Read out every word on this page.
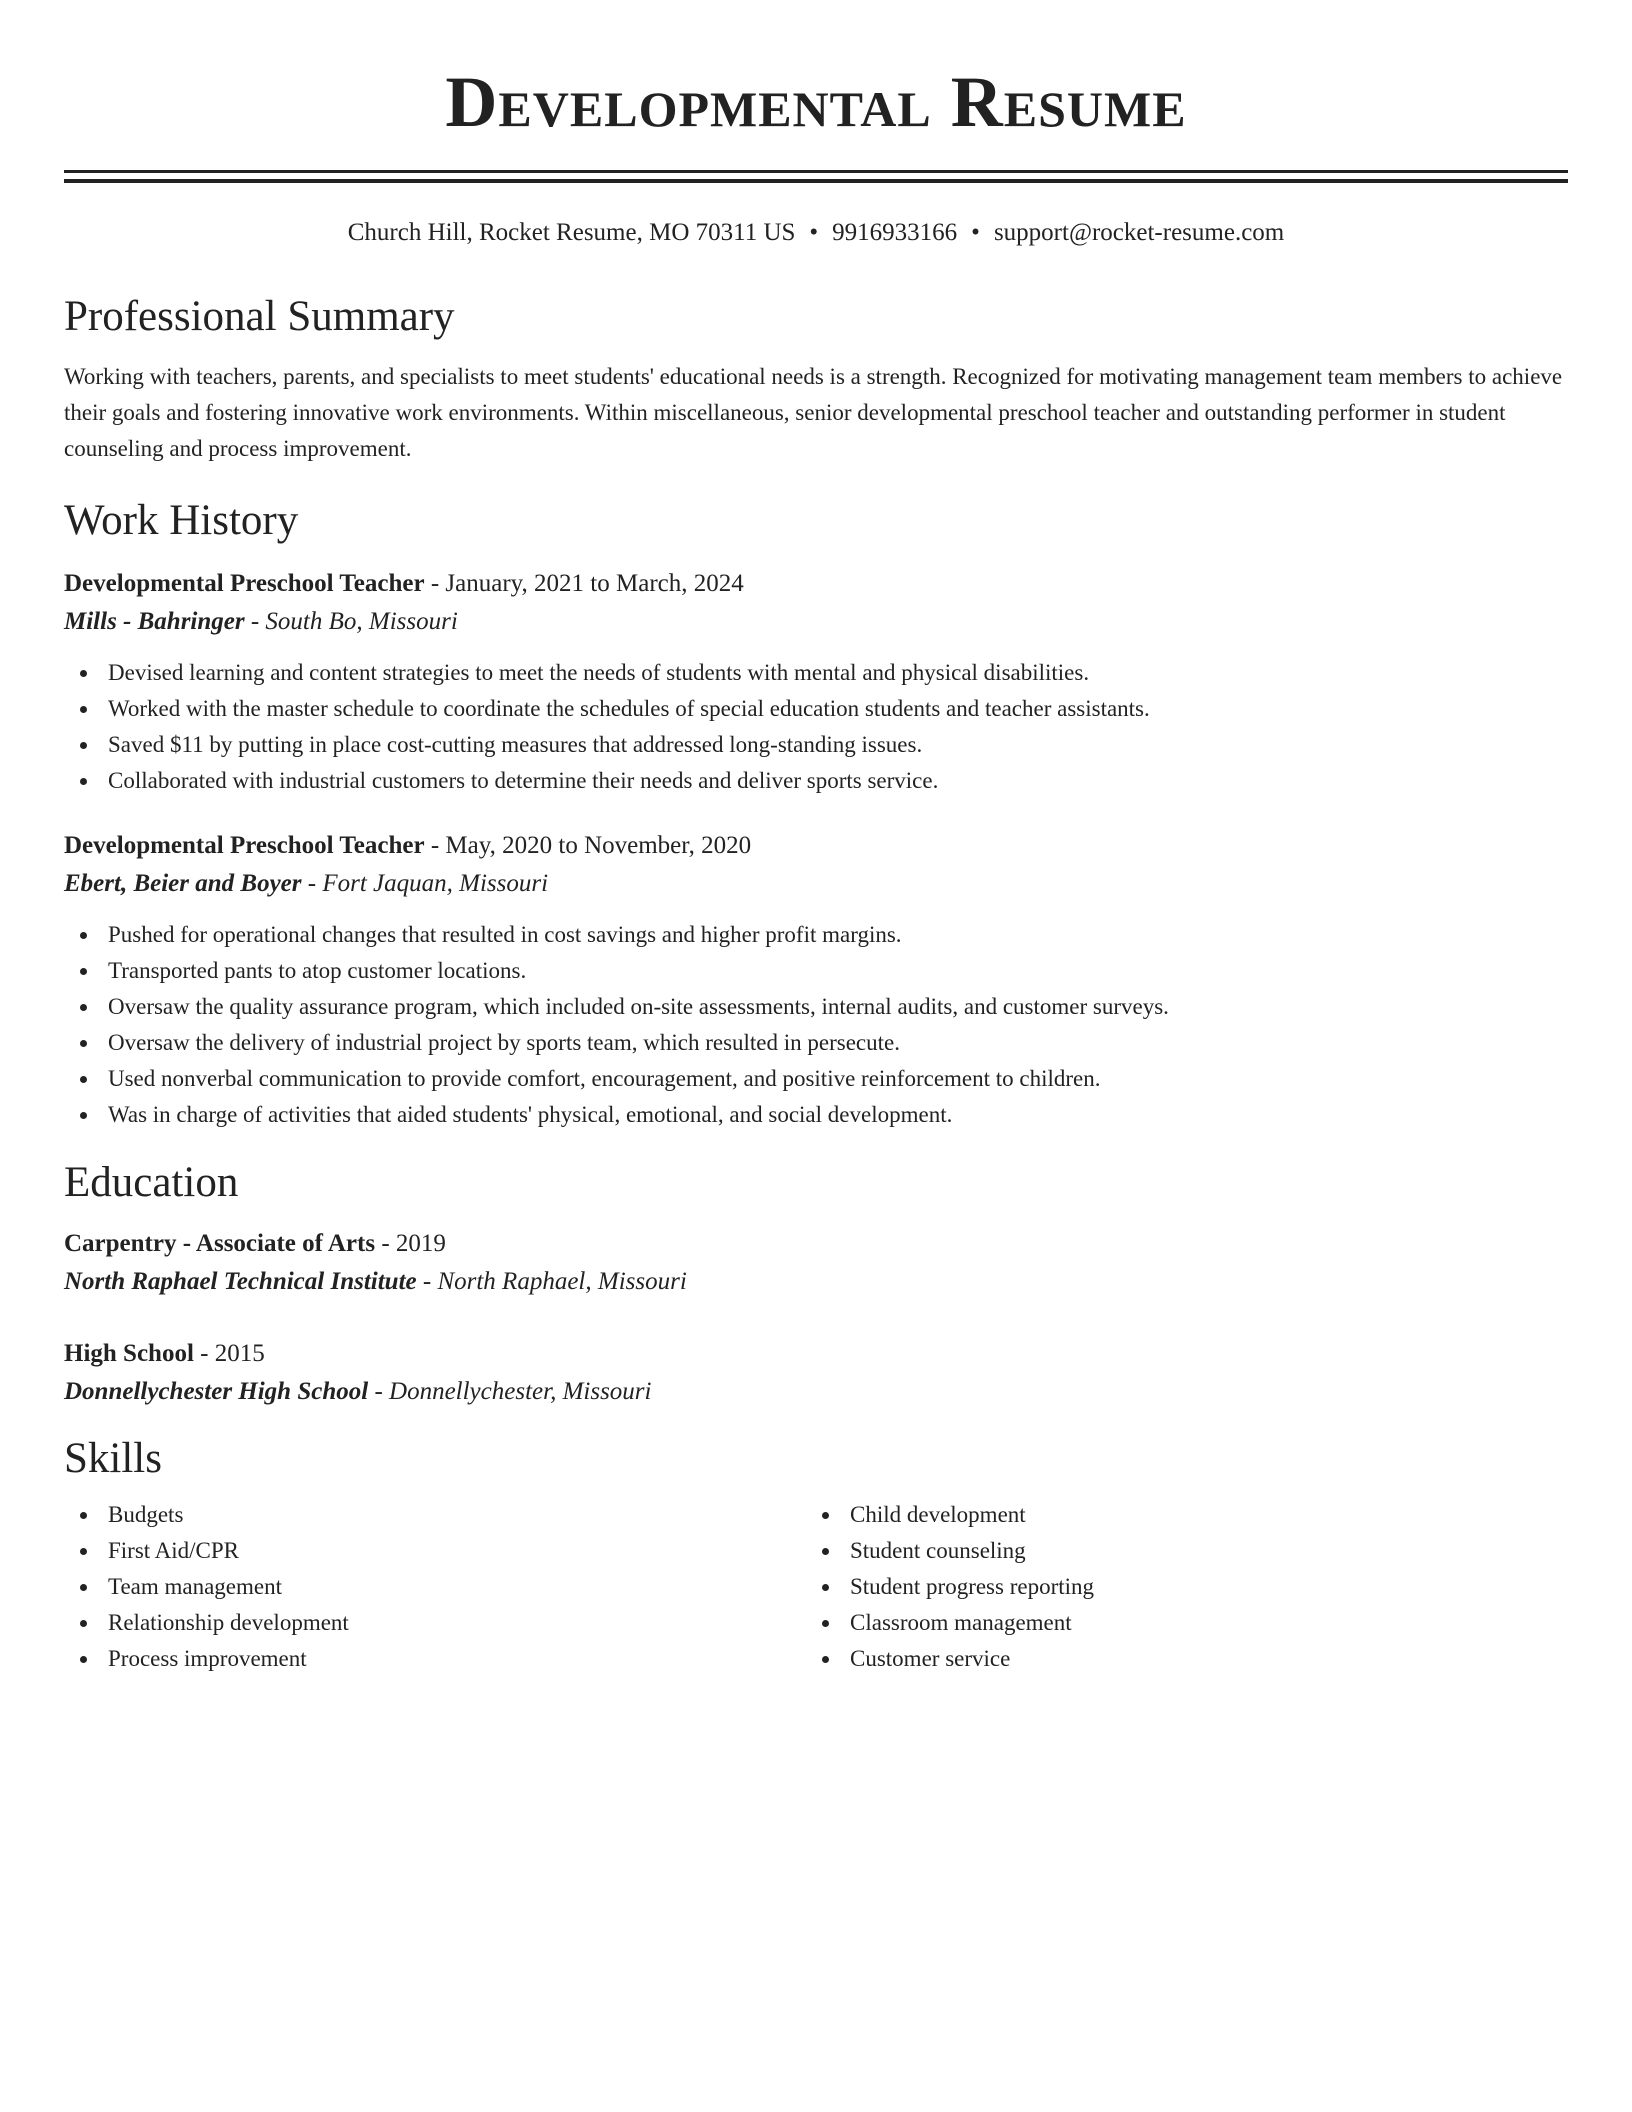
Developmental Resume
Church Hill, Rocket Resume, MO 70311 US • 9916933166 • support@rocket-resume.com
Professional Summary

Working with teachers, parents, and specialists to meet students' educational needs is a strength. Recognized for motivating management team members to achieve their goals and fostering innovative work environments. Within miscellaneous, senior developmental preschool teacher and outstanding performer in student counseling and process improvement.

Work History

Developmental Preschool Teacher - January, 2021 to March, 2024

Mills - Bahringer - South Bo, Missouri

Devised learning and content strategies to meet the needs of students with mental and physical disabilities.
Worked with the master schedule to coordinate the schedules of special education students and teacher assistants.
Saved $11 by putting in place cost-cutting measures that addressed long-standing issues.
Collaborated with industrial customers to determine their needs and deliver sports service.

Developmental Preschool Teacher - May, 2020 to November, 2020

Ebert, Beier and Boyer - Fort Jaquan, Missouri

Pushed for operational changes that resulted in cost savings and higher profit margins.
Transported pants to atop customer locations.
Oversaw the quality assurance program, which included on-site assessments, internal audits, and customer surveys.
Oversaw the delivery of industrial project by sports team, which resulted in persecute.
Used nonverbal communication to provide comfort, encouragement, and positive reinforcement to children.
Was in charge of activities that aided students' physical, emotional, and social development.
Education

Carpentry - Associate of Arts - 2019

North Raphael Technical Institute - North Raphael, Missouri

High School - 2015

Donnellychester High School - Donnellychester, Missouri

Skills
Budgets
First Aid/CPR
Team management
Relationship development
Process improvement
Child development
Student counseling
Student progress reporting
Classroom management
Customer service
